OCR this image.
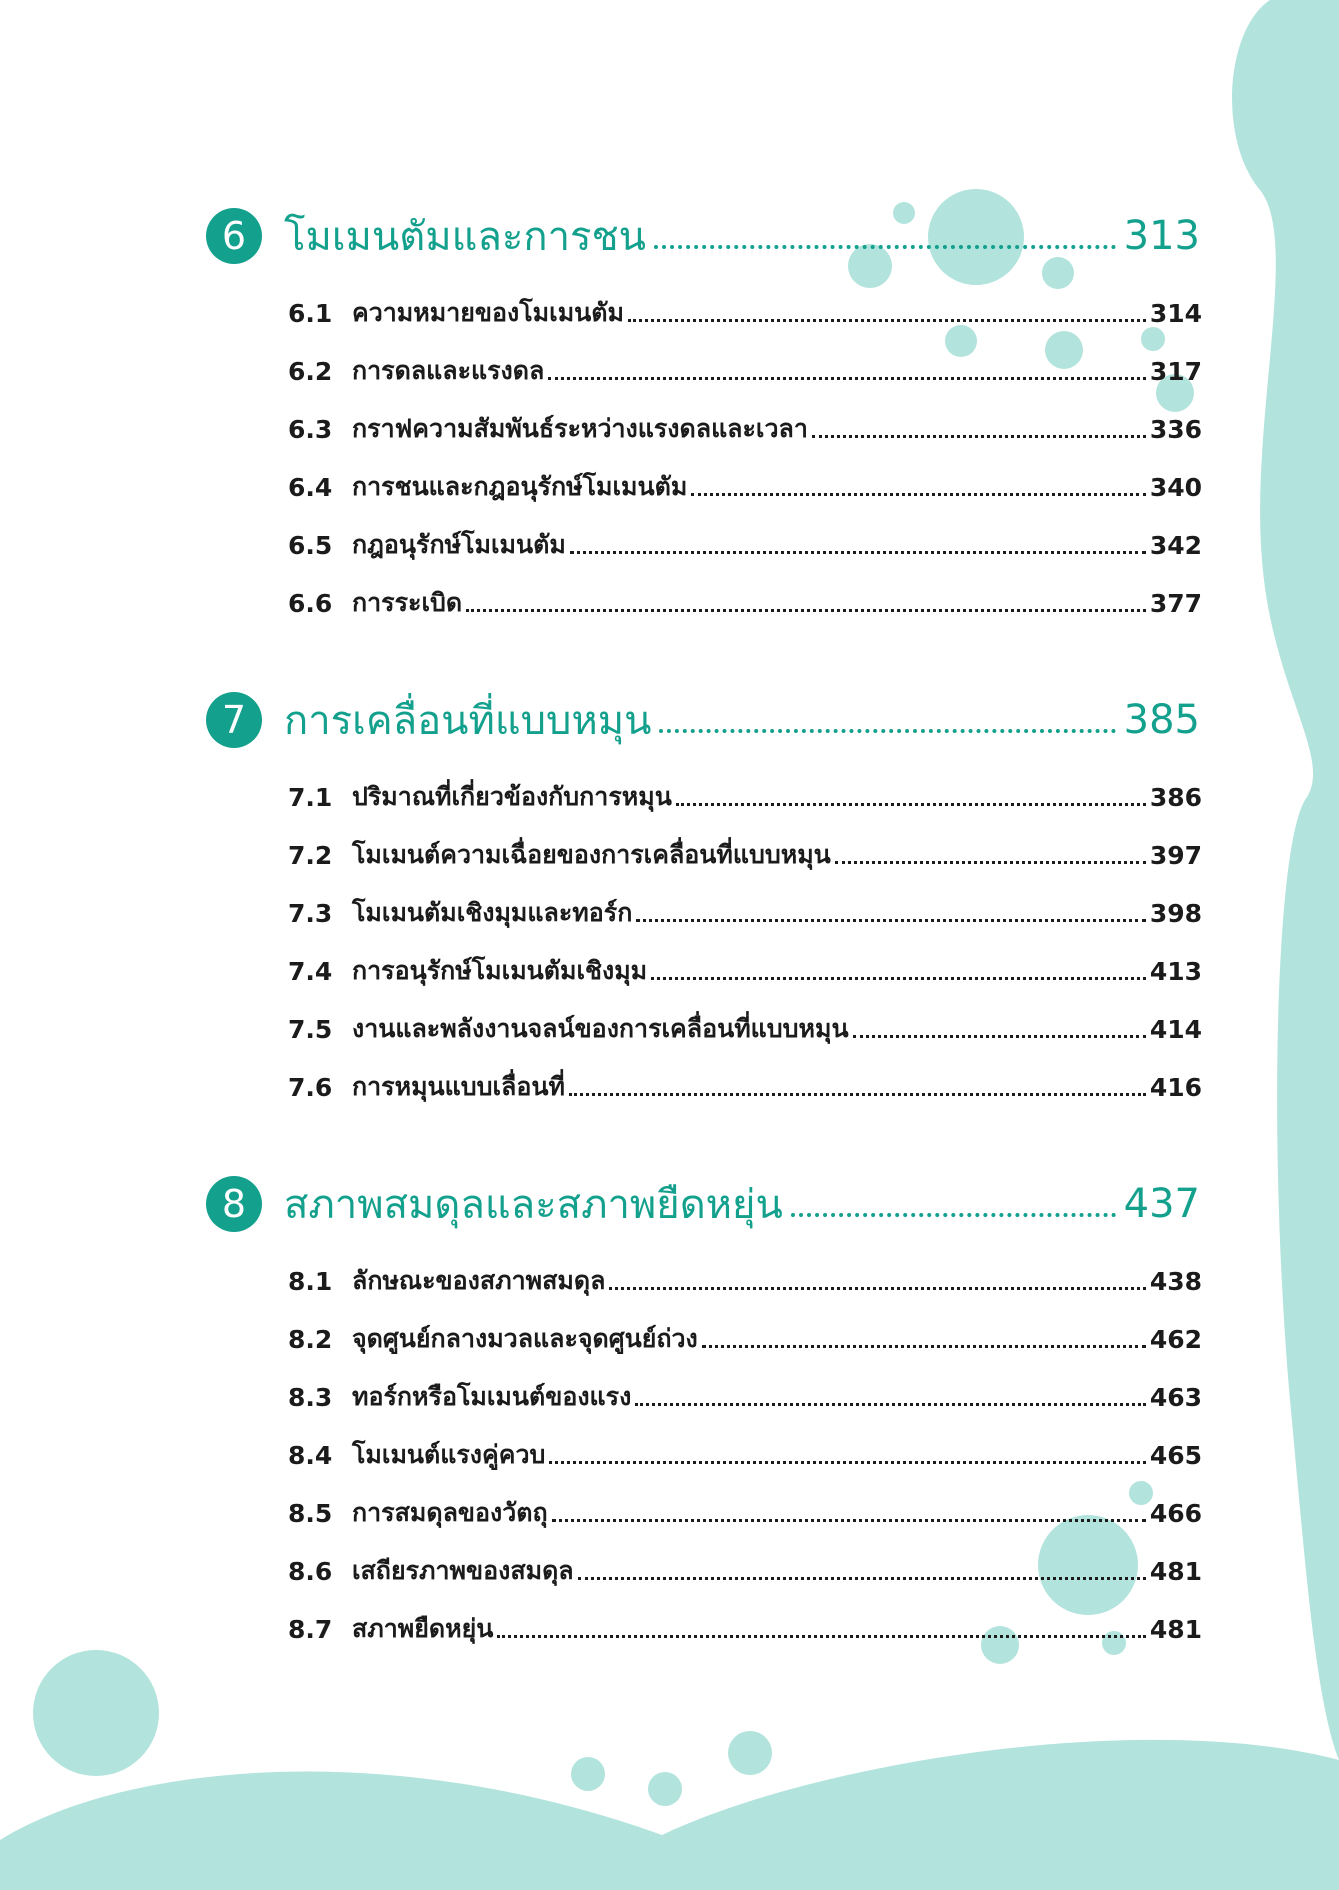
6 โมเมนตัมและการชน	313
6.1 ความหมายของโมเมนตัม	314
6.2 การดลและแรงดล	317
6.3 กราฟความสัมพันธ์ระหว่างแรงดลและเวลา	336
6.4 การชนและกฎอนุรักษ์โมเมนตัม	340
6.5 กฎอนุรักษ์โมเมนตัม	342
6.6 การระเบิด	377
7 การเคลื่อนที่แบบหมุน	385
7.1 ปริมาณที่เกี่ยวข้องกับการหมุน	386
7.2 โมเมนต์ความเฉื่อยของการเคลื่อนที่แบบหมุน	397
7.3 โมเมนตัมเชิงมุมและทอร์ก	398
7.4 การอนุรักษ์โมเมนตัมเชิงมุม	413
7.5 งานและพลังงานจลน์ของการเคลื่อนที่แบบหมุน	414
7.6 การหมุนแบบเลื่อนที่	416
8 สภาพสมดุลและสภาพยืดหยุ่น	437
8.1 ลักษณะของสภาพสมดุล	438
8.2 จุดศูนย์กลางมวลและจุดศูนย์ถ่วง	462
8.3 ทอร์กหรือโมเมนต์ของแรง	463
8.4 โมเมนต์แรงคู่ควบ	465
8.5 การสมดุลของวัตถุ	466
8.6 เสถียรภาพของสมดุล	481
8.7 สภาพยืดหยุ่น	481
